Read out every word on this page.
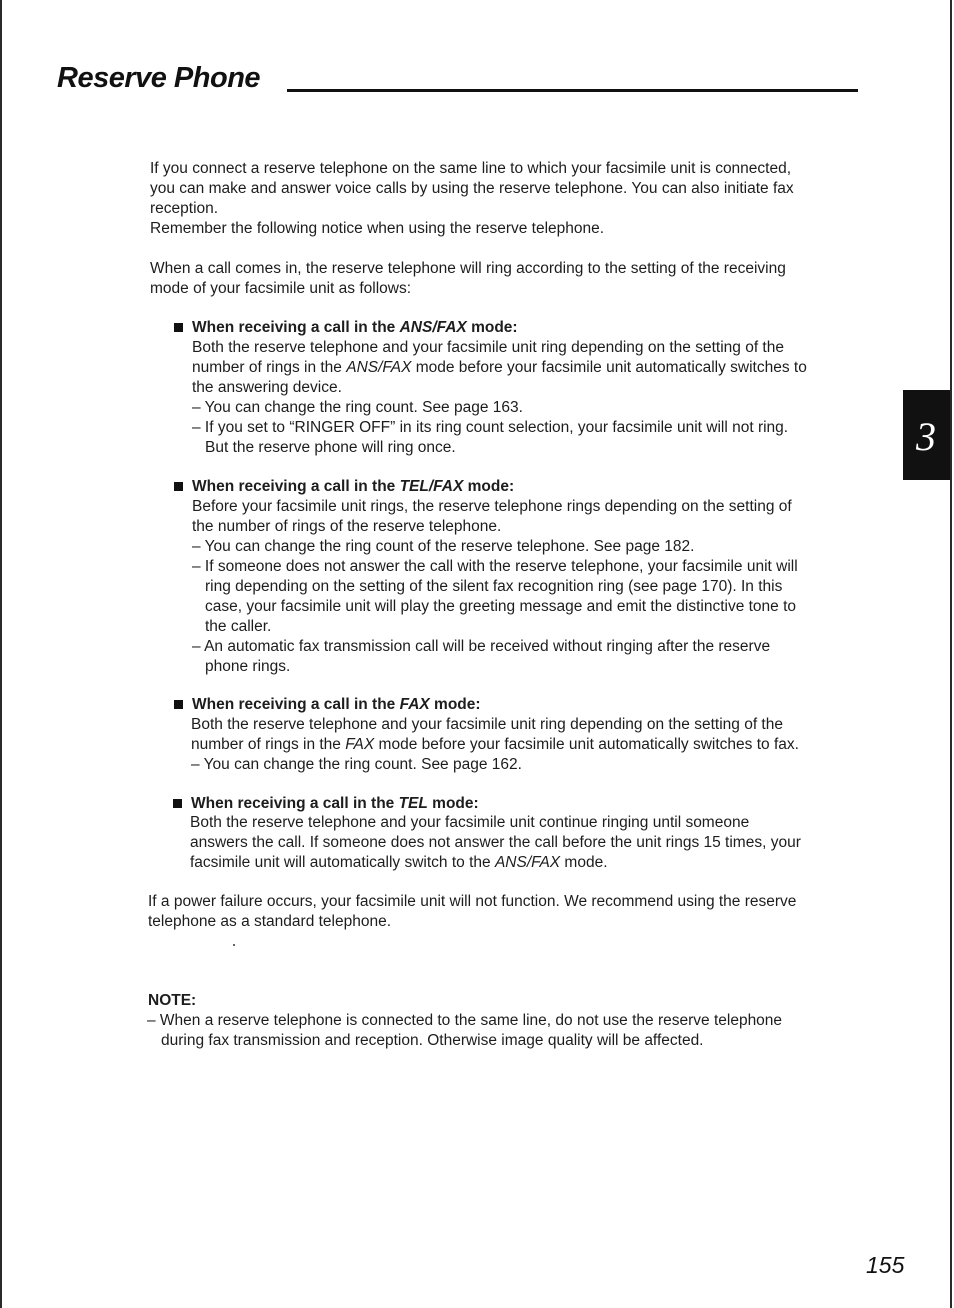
Reserve Phone

If you connect a reserve telephone on the same line to which your facsimile unit is connected,
you can make and answer voice calls by using the reserve telephone. You can also initiate fax
reception.
Remember the following notice when using the reserve telephone.

When a call comes in, the reserve telephone will ring according to the setting of the receiving
mode of your facsimile unit as follows:

When receiving a call in the ANS/FAX mode:

Both the reserve telephone and your facsimile unit ring depending on the setting of the
number of rings in the ANS/FAX mode before your facsimile unit automatically switches to
the answering device.
– You can change the ring count. See page 163.
– If you set to “RINGER OFF” in its ring count selection, your facsimile unit will not ring.
But the reserve phone will ring once.

When receiving a call in the TEL/FAX mode:

Before your facsimile unit rings, the reserve telephone rings depending on the setting of
the number of rings of the reserve telephone.
– You can change the ring count of the reserve telephone. See page 182.
– If someone does not answer the call with the reserve telephone, your facsimile unit will
ring depending on the setting of the silent fax recognition ring (see page 170). In this
case, your facsimile unit will play the greeting message and emit the distinctive tone to
the caller.
– An automatic fax transmission call will be received without ringing after the reserve
phone rings.

When receiving a call in the FAX mode:

Both the reserve telephone and your facsimile unit ring depending on the setting of the
number of rings in the FAX mode before your facsimile unit automatically switches to fax.
– You can change the ring count. See page 162.

When receiving a call in the TEL mode:

Both the reserve telephone and your facsimile unit continue ringing until someone
answers the call. If someone does not answer the call before the unit rings 15 times, your
facsimile unit will automatically switch to the ANS/FAX mode.

If a power failure occurs, your facsimile unit will not function. We recommend using the reserve
telephone as a standard telephone.

NOTE:

– When a reserve telephone is connected to the same line, do not use the reserve telephone
during fax transmission and reception. Otherwise image quality will be affected.

3
155
